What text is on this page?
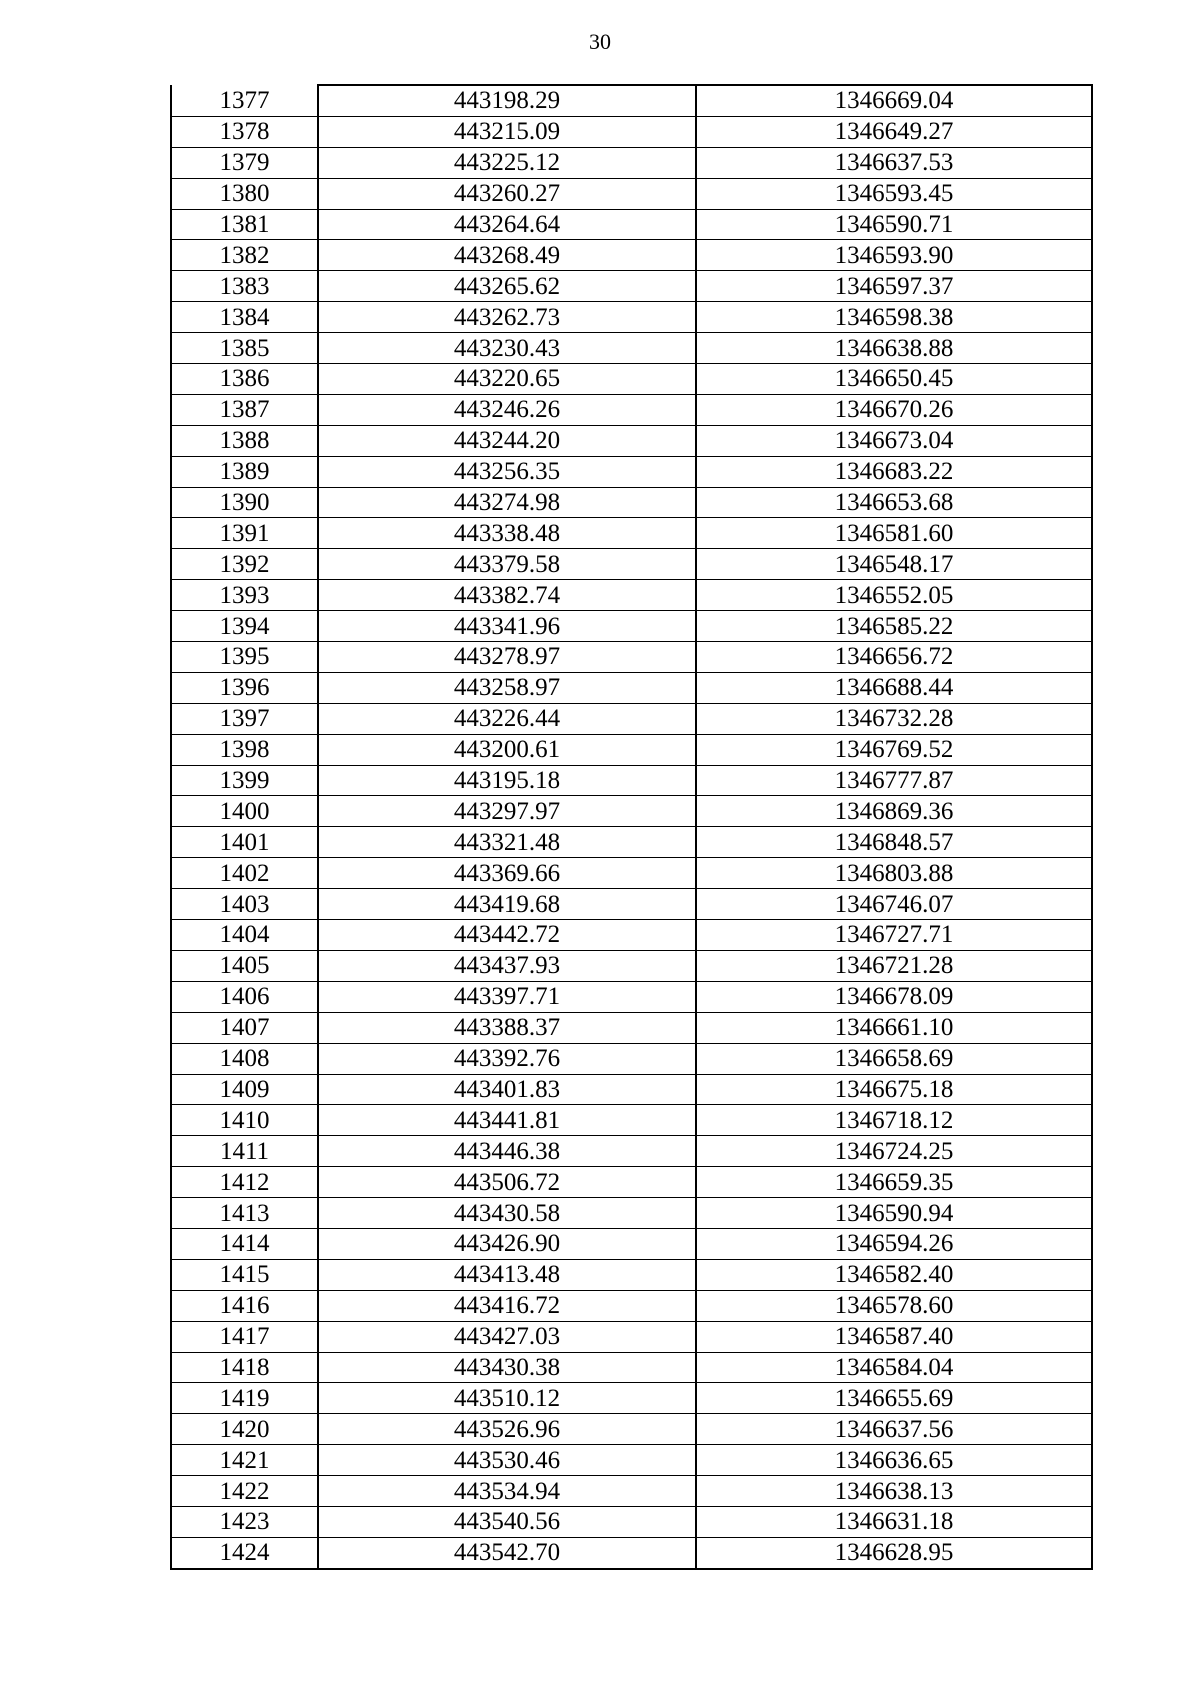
30
1377	443198.29	1346669.04
1378	443215.09	1346649.27
1379	443225.12	1346637.53
1380	443260.27	1346593.45
1381	443264.64	1346590.71
1382	443268.49	1346593.90
1383	443265.62	1346597.37
1384	443262.73	1346598.38
1385	443230.43	1346638.88
1386	443220.65	1346650.45
1387	443246.26	1346670.26
1388	443244.20	1346673.04
1389	443256.35	1346683.22
1390	443274.98	1346653.68
1391	443338.48	1346581.60
1392	443379.58	1346548.17
1393	443382.74	1346552.05
1394	443341.96	1346585.22
1395	443278.97	1346656.72
1396	443258.97	1346688.44
1397	443226.44	1346732.28
1398	443200.61	1346769.52
1399	443195.18	1346777.87
1400	443297.97	1346869.36
1401	443321.48	1346848.57
1402	443369.66	1346803.88
1403	443419.68	1346746.07
1404	443442.72	1346727.71
1405	443437.93	1346721.28
1406	443397.71	1346678.09
1407	443388.37	1346661.10
1408	443392.76	1346658.69
1409	443401.83	1346675.18
1410	443441.81	1346718.12
1411	443446.38	1346724.25
1412	443506.72	1346659.35
1413	443430.58	1346590.94
1414	443426.90	1346594.26
1415	443413.48	1346582.40
1416	443416.72	1346578.60
1417	443427.03	1346587.40
1418	443430.38	1346584.04
1419	443510.12	1346655.69
1420	443526.96	1346637.56
1421	443530.46	1346636.65
1422	443534.94	1346638.13
1423	443540.56	1346631.18
1424	443542.70	1346628.95
